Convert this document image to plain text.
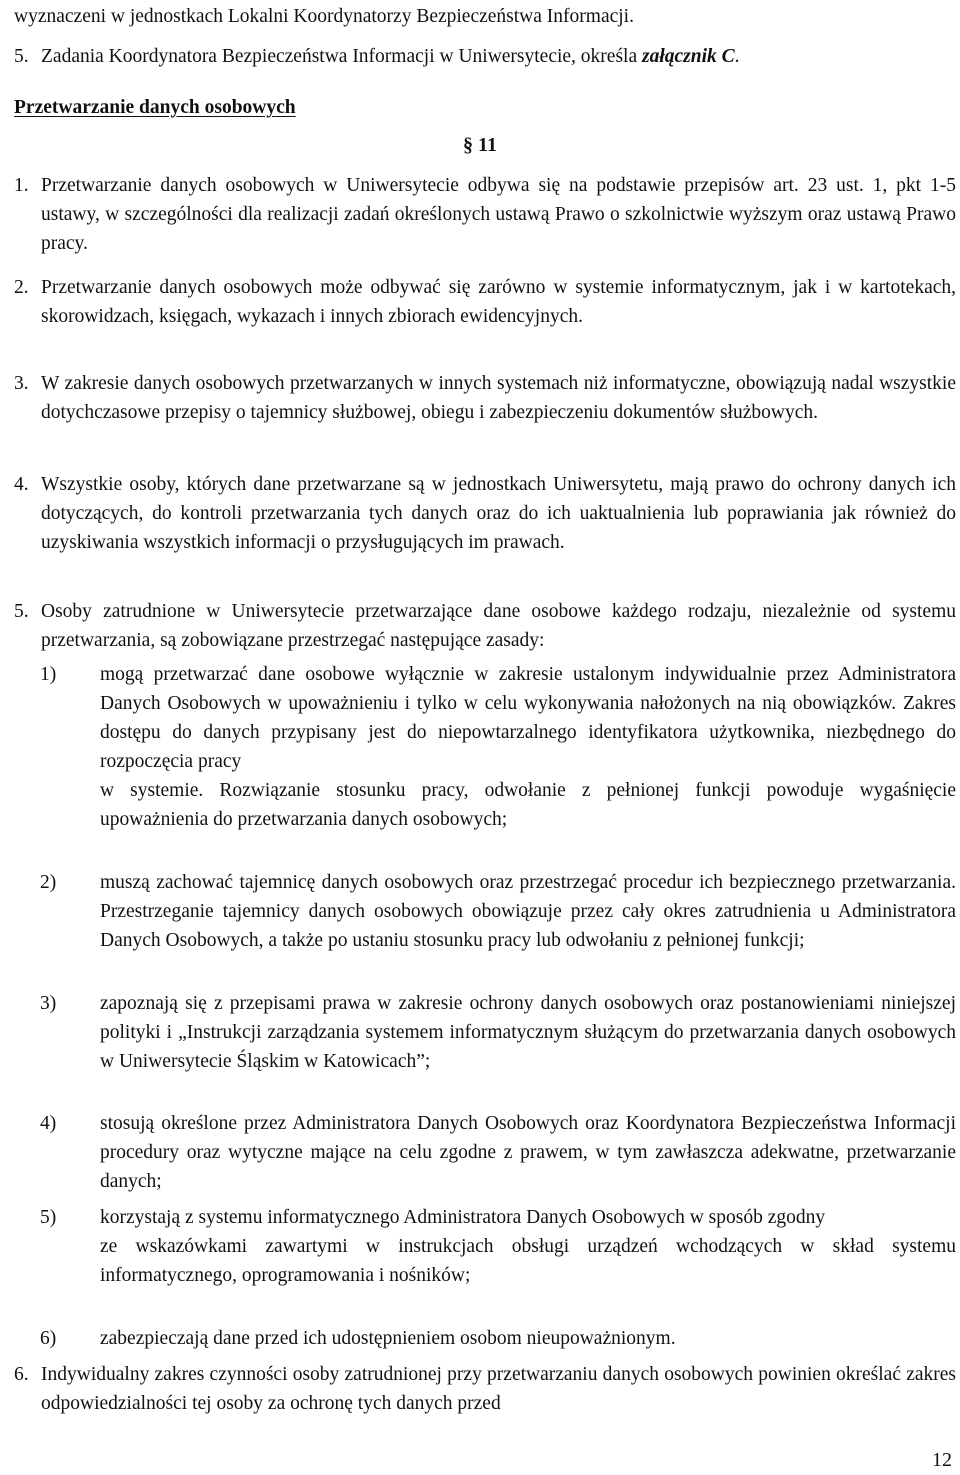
wyznaczeni w jednostkach Lokalni Koordynatorzy Bezpieczeństwa Informacji.
5. Zadania Koordynatora Bezpieczeństwa Informacji w Uniwersytecie, określa załącznik C.
Przetwarzanie danych osobowych
§ 11
1. Przetwarzanie danych osobowych w Uniwersytecie odbywa się na podstawie przepisów art. 23 ust. 1, pkt 1-5 ustawy, w szczególności dla realizacji zadań określonych ustawą Prawo o szkolnictwie wyższym oraz ustawą Prawo pracy.
2. Przetwarzanie danych osobowych może odbywać się zarówno w systemie informatycznym, jak i w kartotekach, skorowidzach, księgach, wykazach i innych zbiorach ewidencyjnych.
3. W zakresie danych osobowych przetwarzanych w innych systemach niż informatyczne, obowiązują nadal wszystkie dotychczasowe przepisy o tajemnicy służbowej, obiegu i zabezpieczeniu dokumentów służbowych.
4. Wszystkie osoby, których dane przetwarzane są w jednostkach Uniwersytetu, mają prawo do ochrony danych ich dotyczących, do kontroli przetwarzania tych danych oraz do ich uaktualnienia lub poprawiania jak również do uzyskiwania wszystkich informacji o przysługujących im prawach.
5. Osoby zatrudnione w Uniwersytecie przetwarzające dane osobowe każdego rodzaju, niezależnie od systemu przetwarzania, są zobowiązane przestrzegać następujące zasady:
1) mogą przetwarzać dane osobowe wyłącznie w zakresie ustalonym indywidualnie przez Administratora Danych Osobowych w upoważnieniu i tylko w celu wykonywania nałożonych na nią obowiązków. Zakres dostępu do danych przypisany jest do niepowtarzalnego identyfikatora użytkownika, niezbędnego do rozpoczęcia pracy
w systemie. Rozwiązanie stosunku pracy, odwołanie z pełnionej funkcji powoduje wygaśnięcie upoważnienia do przetwarzania danych osobowych;
2) muszą zachować tajemnicę danych osobowych oraz przestrzegać procedur ich bezpiecznego przetwarzania. Przestrzeganie tajemnicy danych osobowych obowiązuje przez cały okres zatrudnienia u Administratora Danych Osobowych, a także po ustaniu stosunku pracy lub odwołaniu z pełnionej funkcji;
3) zapoznają się z przepisami prawa w zakresie ochrony danych osobowych oraz postanowieniami niniejszej polityki i „Instrukcji zarządzania systemem informatycznym służącym do przetwarzania danych osobowych w Uniwersytecie Śląskim w Katowicach”;
4) stosują określone przez Administratora Danych Osobowych oraz Koordynatora Bezpieczeństwa Informacji procedury oraz wytyczne mające na celu zgodne z prawem, w tym zawłaszcza adekwatne, przetwarzanie danych;
5) korzystają z systemu informatycznego Administratora Danych Osobowych w sposób zgodny
ze wskazówkami zawartymi w instrukcjach obsługi urządzeń wchodzących w skład systemu informatycznego, oprogramowania i nośników;
6) zabezpieczają dane przed ich udostępnieniem osobom nieupoważnionym.
6. Indywidualny zakres czynności osoby zatrudnionej przy przetwarzaniu danych osobowych powinien określać zakres odpowiedzialności tej osoby za ochronę tych danych przed
12
